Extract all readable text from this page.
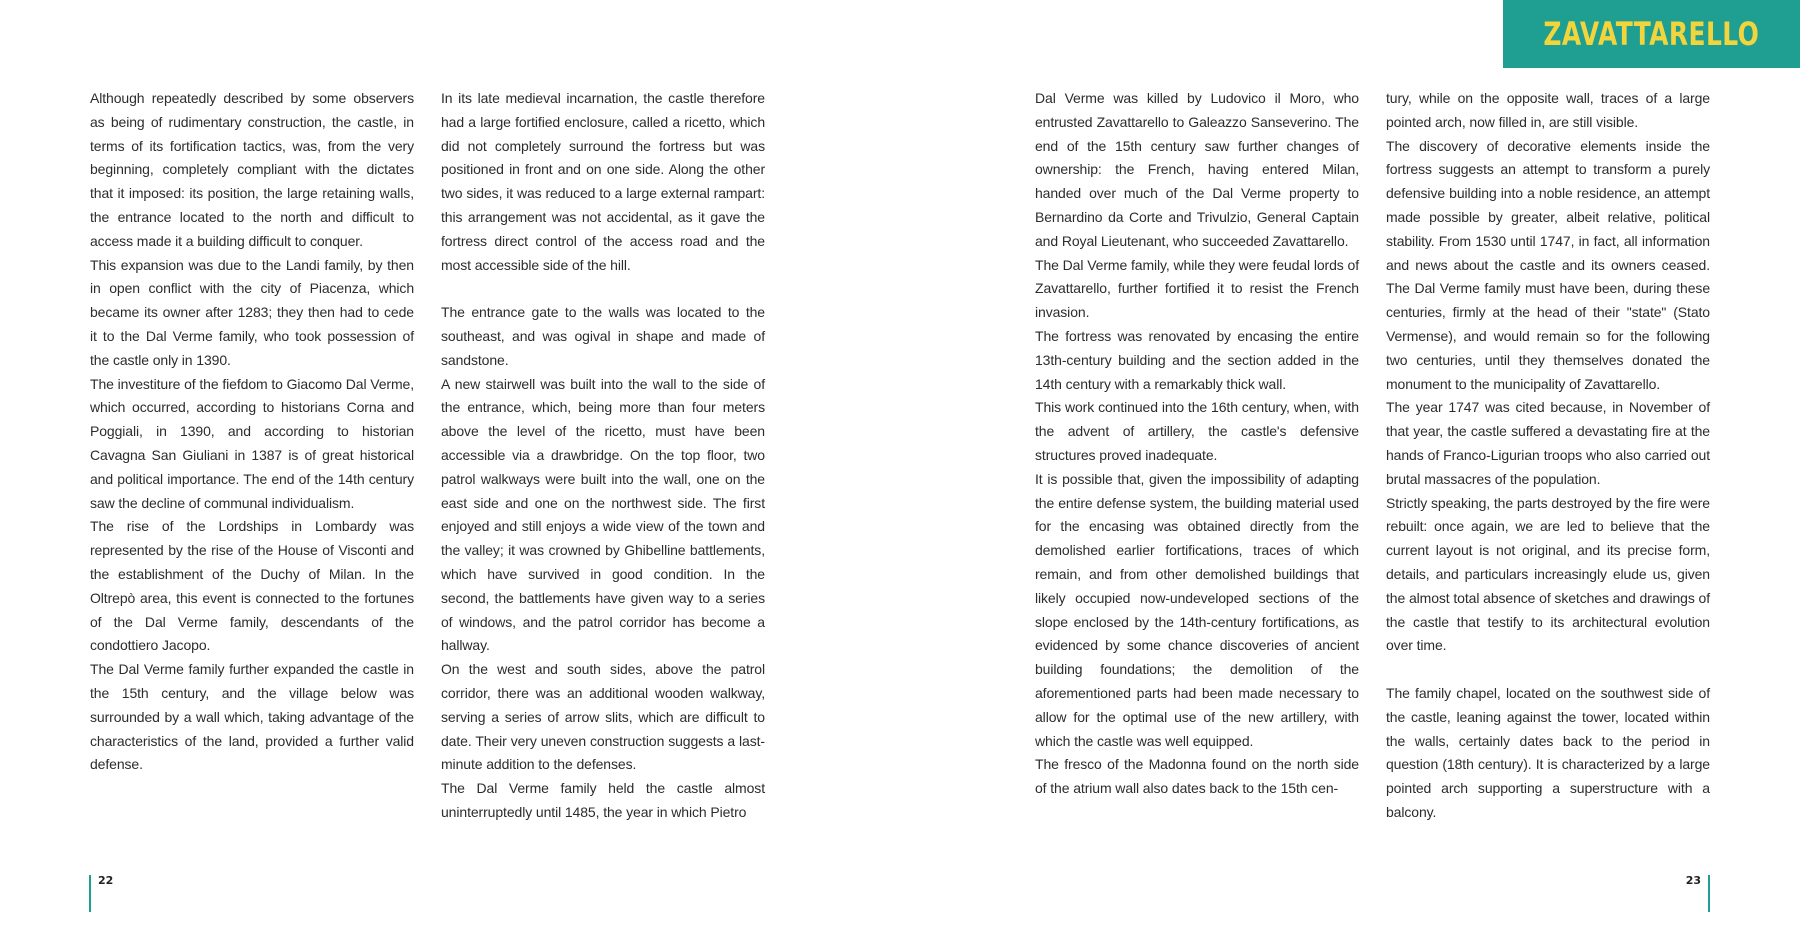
ZAVATTARELLO

Although repeatedly described by some observers as being of rudimentary construction, the castle, in terms of its fortification tactics, was, from the very beginning, completely compliant with the dictates that it imposed: its position, the large retaining walls, the entrance located to the north and difficult to access made it a building difficult to conquer.

This expansion was due to the Landi family, by then in open conflict with the city of Piacenza, which became its owner after 1283; they then had to cede it to the Dal Verme family, who took possession of the castle only in 1390.

The investiture of the fiefdom to Giacomo Dal Verme, which occurred, according to historians Corna and Poggiali, in 1390, and according to historian Cavagna San Giuliani in 1387 is of great historical and political importance. The end of the 14th century saw the decline of communal individualism.

The rise of the Lordships in Lombardy was represented by the rise of the House of Visconti and the establishment of the Duchy of Milan. In the Oltrepò area, this event is connected to the fortunes of the Dal Verme family, descendants of the condottiero Jacopo.

The Dal Verme family further expanded the castle in the 15th century, and the village below was surrounded by a wall which, taking advantage of the characteristics of the land, provided a further valid defense.

In its late medieval incarnation, the castle therefore had a large fortified enclosure, called a ricetto, which did not completely surround the fortress but was positioned in front and on one side. Along the other two sides, it was reduced to a large external rampart: this arrangement was not accidental, as it gave the fortress direct control of the access road and the most accessible side of the hill.

The entrance gate to the walls was located to the southeast, and was ogival in shape and made of sandstone.

A new stairwell was built into the wall to the side of the entrance, which, being more than four meters above the level of the ricetto, must have been accessible via a drawbridge. On the top floor, two patrol walkways were built into the wall, one on the east side and one on the northwest side. The first enjoyed and still enjoys a wide view of the town and the valley; it was crowned by Ghibelline battlements, which have survived in good condition. In the second, the battlements have given way to a series of windows, and the patrol corridor has become a hallway.

On the west and south sides, above the patrol corridor, there was an additional wooden walkway, serving a series of arrow slits, which are difficult to date. Their very uneven construction suggests a last-minute addition to the defenses.

The Dal Verme family held the castle almost uninterruptedly until 1485, the year in which Pietro

Dal Verme was killed by Ludovico il Moro, who entrusted Zavattarello to Galeazzo Sanseverino. The end of the 15th century saw further changes of ownership: the French, having entered Milan, handed over much of the Dal Verme property to Bernardino da Corte and Trivulzio, General Captain and Royal Lieutenant, who succeeded Zavattarello.

The Dal Verme family, while they were feudal lords of Zavattarello, further fortified it to resist the French invasion.

The fortress was renovated by encasing the entire 13th-century building and the section added in the 14th century with a remarkably thick wall.

This work continued into the 16th century, when, with the advent of artillery, the castle's defensive structures proved inadequate.

It is possible that, given the impossibility of adapting the entire defense system, the building material used for the encasing was obtained directly from the demolished earlier fortifications, traces of which remain, and from other demolished buildings that likely occupied now-undeveloped sections of the slope enclosed by the 14th-century fortifications, as evidenced by some chance discoveries of ancient building foundations; the demolition of the aforementioned parts had been made necessary to allow for the optimal use of the new artillery, with which the castle was well equipped.

The fresco of the Madonna found on the north side of the atrium wall also dates back to the 15th cen-

tury, while on the opposite wall, traces of a large pointed arch, now filled in, are still visible.

The discovery of decorative elements inside the fortress suggests an attempt to transform a purely defensive building into a noble residence, an attempt made possible by greater, albeit relative, political stability. From 1530 until 1747, in fact, all information and news about the castle and its owners ceased. The Dal Verme family must have been, during these centuries, firmly at the head of their "state" (Stato Vermense), and would remain so for the following two centuries, until they themselves donated the monument to the municipality of Zavattarello.

The year 1747 was cited because, in November of that year, the castle suffered a devastating fire at the hands of Franco-Ligurian troops who also carried out brutal massacres of the population.

Strictly speaking, the parts destroyed by the fire were rebuilt: once again, we are led to believe that the current layout is not original, and its precise form, details, and particulars increasingly elude us, given the almost total absence of sketches and drawings of the castle that testify to its architectural evolution over time.

The family chapel, located on the southwest side of the castle, leaning against the tower, located within the walls, certainly dates back to the period in question (18th century). It is characterized by a large pointed arch supporting a superstructure with a balcony.

22	23
